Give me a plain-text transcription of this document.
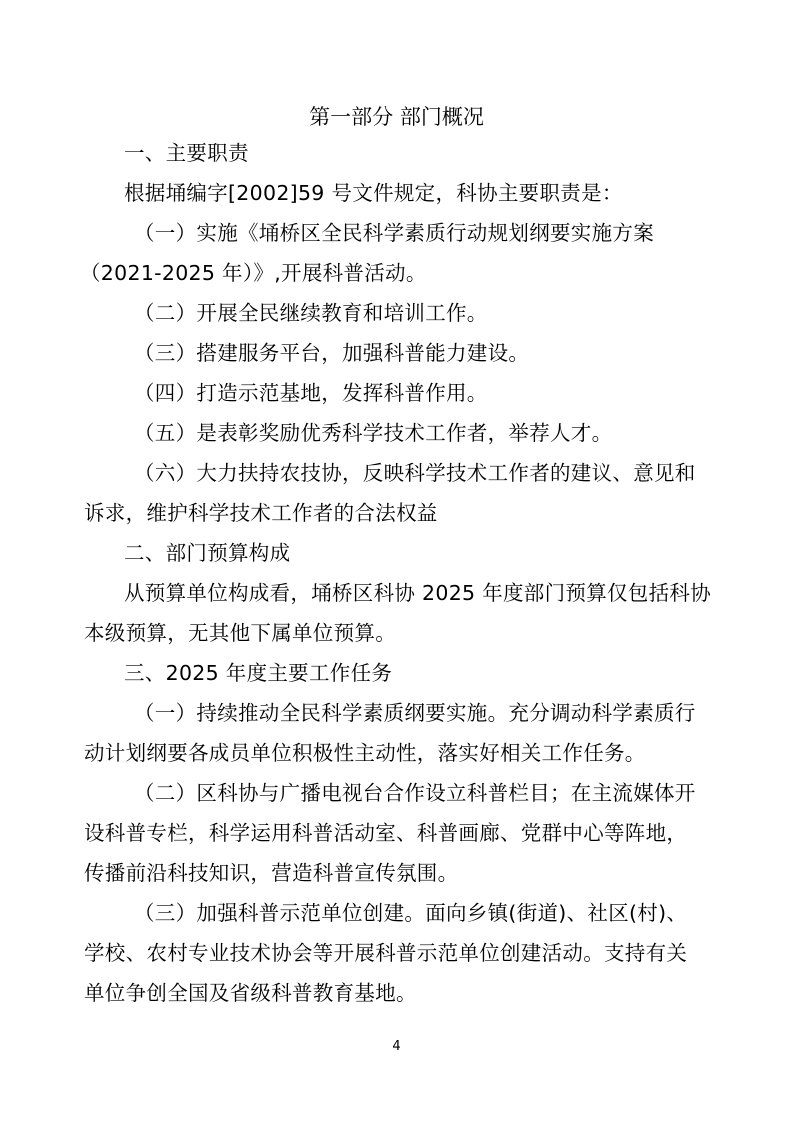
第一部分 部门概况
一、主要职责
根据埇编字[2002]59 号文件规定，科协主要职责是：
（一）实施《埇桥区全民科学素质行动规划纲要实施方案
（2021-2025 年）》,开展科普活动。
（二）开展全民继续教育和培训工作。
（三）搭建服务平台，加强科普能力建设。
（四）打造示范基地，发挥科普作用。
（五）是表彰奖励优秀科学技术工作者，举荐人才。
（六）大力扶持农技协，反映科学技术工作者的建议、意见和
诉求，维护科学技术工作者的合法权益
二、部门预算构成
从预算单位构成看，埇桥区科协 2025 年度部门预算仅包括科协
本级预算，无其他下属单位预算。
三、2025 年度主要工作任务
（一）持续推动全民科学素质纲要实施。充分调动科学素质行
动计划纲要各成员单位积极性主动性，落实好相关工作任务。
（二）区科协与广播电视台合作设立科普栏目；在主流媒体开
设科普专栏，科学运用科普活动室、科普画廊、党群中心等阵地，
传播前沿科技知识，营造科普宣传氛围。
（三）加强科普示范单位创建。面向乡镇(街道)、社区(村)、
学校、农村专业技术协会等开展科普示范单位创建活动。支持有关
单位争创全国及省级科普教育基地。
4
